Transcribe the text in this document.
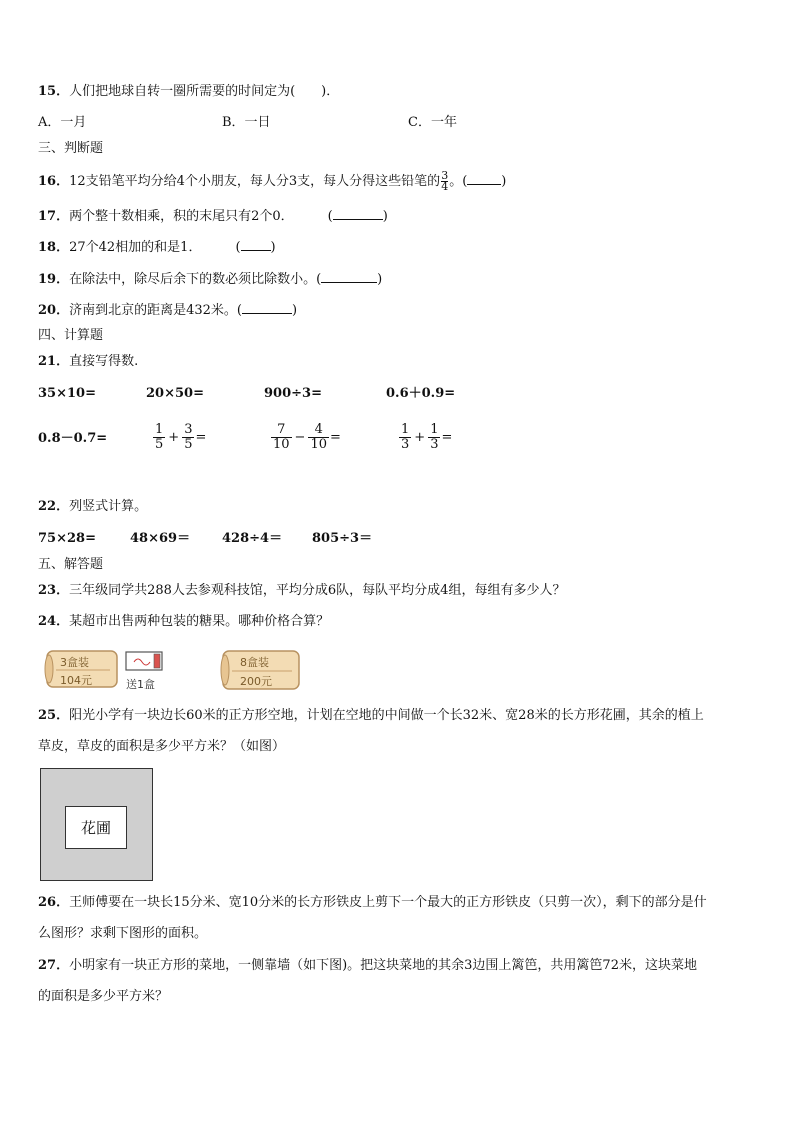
15．人们把地球自转一圈所需要的时间定为(　　)．
A．一月	B．一日	C．一年
三、判断题
16．12支铅笔平均分给4个小朋友，每人分3支，每人分得这些铅笔的 $\frac{3}{4}$ 。(	)
17．两个整十数相乘，积的末尾只有2个0．	(	)
18．27个42相加的和是1．	( )
19．在除法中，除尽后余下的数必须比除数小。(	)
20．济南到北京的距离是432米。(	)
四、计算题
21．直接写得数.
35×10=	20×50=	900÷3=	0.6＋0.9=
0.8－0.7=	$\frac{1}{5} + \frac{3}{5}$ =	$\frac{7}{10} - \frac{4}{10}$ =	$\frac{1}{3} + \frac{1}{3}$ =
22．列竖式计算。
75×28=	48×69＝ 428÷4＝ 805÷3＝
五、解答题
23．三年级同学共288人去参观科技馆，平均分成6队，每队平均分成4组，每组有多少人？
24．某超市出售两种包装的糖果。哪种价格合算？
3盒装
104元	送1盒
8盒装
200元
25．阳光小学有一块边长60米的正方形空地，计划在空地的中间做一个长32米、宽28米的长方形花圃，其余的植上
草皮，草皮的面积是多少平方米？（如图）
花圃
26．王师傅要在一块长15分米、宽10分米的长方形铁皮上剪下一个最大的正方形铁皮（只剪一次），剩下的部分是什
么图形？求剩下图形的面积。
27．小明家有一块正方形的菜地，一侧靠墙（如下图)。把这块菜地的其余3边围上篱笆，共用篱笆72米，这块菜地
的面积是多少平方米？
